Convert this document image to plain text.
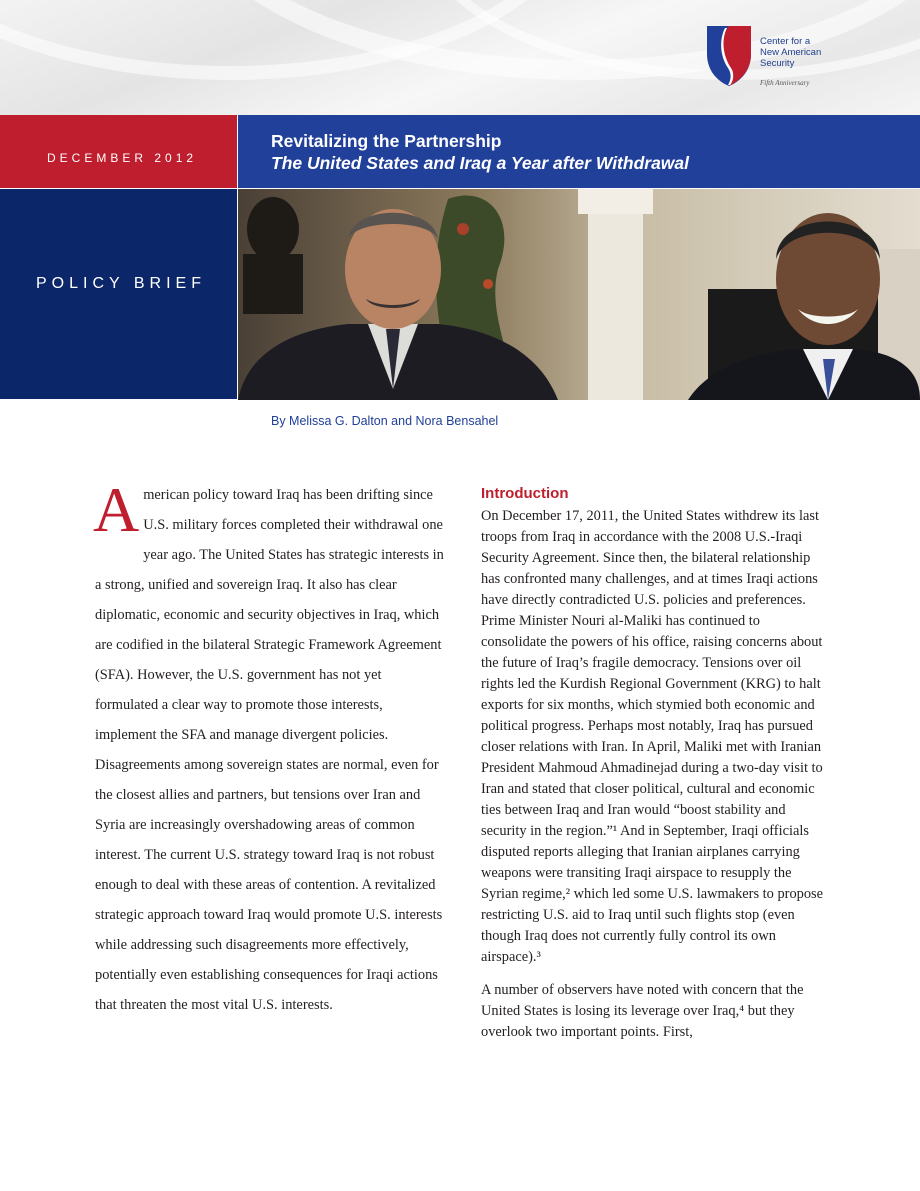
Center for a
New American
Security
Fifth Anniversary
DECEMBER 2012
Revitalizing the Partnership
The United States and Iraq a Year after Withdrawal
POLICY BRIEF
By Melissa G. Dalton and Nora Bensahel
A merican policy toward Iraq has been drifting since U.S. military forces completed their withdrawal one year ago. The United States has strategic interests in a strong, unified and sovereign Iraq. It also has clear diplomatic, economic and security objectives in Iraq, which are codified in the bilateral Strategic Framework Agreement (SFA). However, the U.S. government has not yet formulated a clear way to promote those interests, implement the SFA and manage divergent policies. Disagreements among sovereign states are normal, even for the closest allies and partners, but tensions over Iran and Syria are increasingly overshadowing areas of common interest. The current U.S. strategy toward Iraq is not robust enough to deal with these areas of contention. A revitalized strategic approach toward Iraq would promote U.S. interests while addressing such disagreements more effectively, potentially even establishing consequences for Iraqi actions that threaten the most vital U.S. interests.
Introduction

On December 17, 2011, the United States withdrew its last troops from Iraq in accordance with the 2008 U.S.-Iraqi Security Agreement. Since then, the bilateral relationship has confronted many challenges, and at times Iraqi actions have directly contradicted U.S. policies and preferences. Prime Minister Nouri al-Maliki has continued to consolidate the powers of his office, raising concerns about the future of Iraq’s fragile democracy. Tensions over oil rights led the Kurdish Regional Government (KRG) to halt exports for six months, which stymied both economic and political progress. Perhaps most notably, Iraq has pursued closer relations with Iran. In April, Maliki met with Iranian President Mahmoud Ahmadinejad during a two-day visit to Iran and stated that closer political, cultural and economic ties between Iraq and Iran would “boost stability and security in the region.”¹ And in September, Iraqi officials disputed reports alleging that Iranian airplanes carrying weapons were transiting Iraqi airspace to resupply the Syrian regime,² which led some U.S. lawmakers to propose restricting U.S. aid to Iraq until such flights stop (even though Iraq does not currently fully control its own airspace).³

A number of observers have noted with concern that the United States is losing its leverage over Iraq,⁴ but they overlook two important points. First,
